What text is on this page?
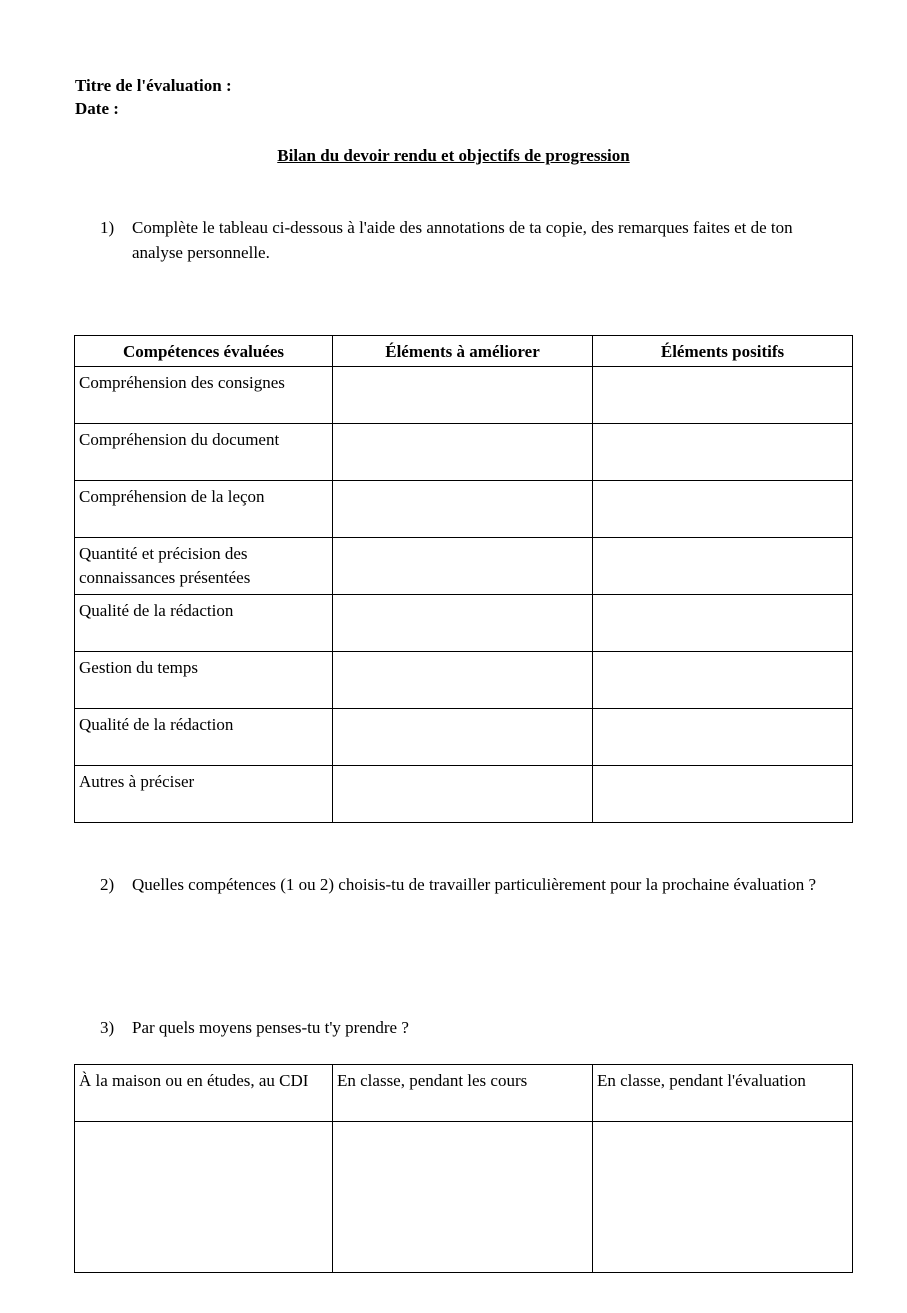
Titre de l'évaluation :
Date :
Bilan du devoir rendu et objectifs de progression
1) Complète le tableau ci-dessous à l'aide des annotations de ta copie, des remarques faites et de ton analyse personnelle.
Compétences évaluées	Éléments à améliorer	Éléments positifs
Compréhension des consignes		
Compréhension du document		
Compréhension de la leçon		
Quantité et précision des connaissances présentées		
Qualité de la rédaction		
Gestion du temps		
Qualité de la rédaction		
Autres à préciser		
2) Quelles compétences (1 ou 2) choisis-tu de travailler particulièrement pour la prochaine évaluation ?
3) Par quels moyens penses-tu t'y prendre ?
À la maison ou en études, au CDI	En classe, pendant les cours	En classe, pendant l'évaluation
